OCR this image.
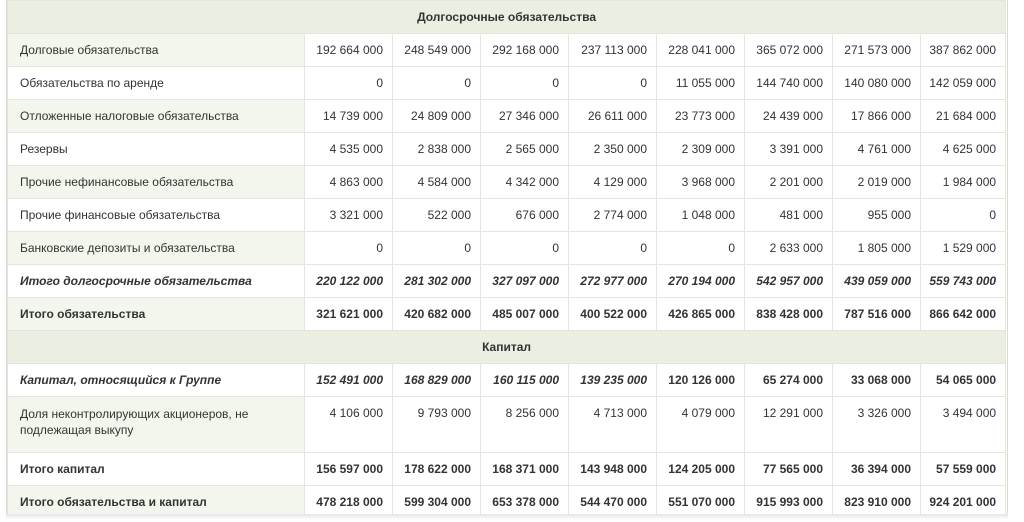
Долгосрочные обязательства								
Долговые обязательства	192 664 000	248 549 000	292 168 000	237 113 000	228 041 000	365 072 000	271 573 000	387 862 000
Обязательства по аренде	0	0	0	0	11 055 000	144 740 000	140 080 000	142 059 000
Отложенные налоговые обязательства	14 739 000	24 809 000	27 346 000	26 611 000	23 773 000	24 439 000	17 866 000	21 684 000
Резервы	4 535 000	2 838 000	2 565 000	2 350 000	2 309 000	3 391 000	4 761 000	4 625 000
Прочие нефинансовые обязательства	4 863 000	4 584 000	4 342 000	4 129 000	3 968 000	2 201 000	2 019 000	1 984 000
Прочие финансовые обязательства	3 321 000	522 000	676 000	2 774 000	1 048 000	481 000	955 000	0
Банковские депозиты и обязательства	0	0	0	0	0	2 633 000	1 805 000	1 529 000
Итого долгосрочные обязательства	220 122 000	281 302 000	327 097 000	272 977 000	270 194 000	542 957 000	439 059 000	559 743 000
Итого обязательства	321 621 000	420 682 000	485 007 000	400 522 000	426 865 000	838 428 000	787 516 000	866 642 000
Капитал								
Капитал, относящийся к Группе	152 491 000	168 829 000	160 115 000	139 235 000	120 126 000	65 274 000	33 068 000	54 065 000
Доля неконтролирующих акционеров, не подлежащая выкупу	4 106 000	9 793 000	8 256 000	4 713 000	4 079 000	12 291 000	3 326 000	3 494 000
Итого капитал	156 597 000	178 622 000	168 371 000	143 948 000	124 205 000	77 565 000	36 394 000	57 559 000
Итого обязательства и капитал	478 218 000	599 304 000	653 378 000	544 470 000	551 070 000	915 993 000	823 910 000	924 201 000
